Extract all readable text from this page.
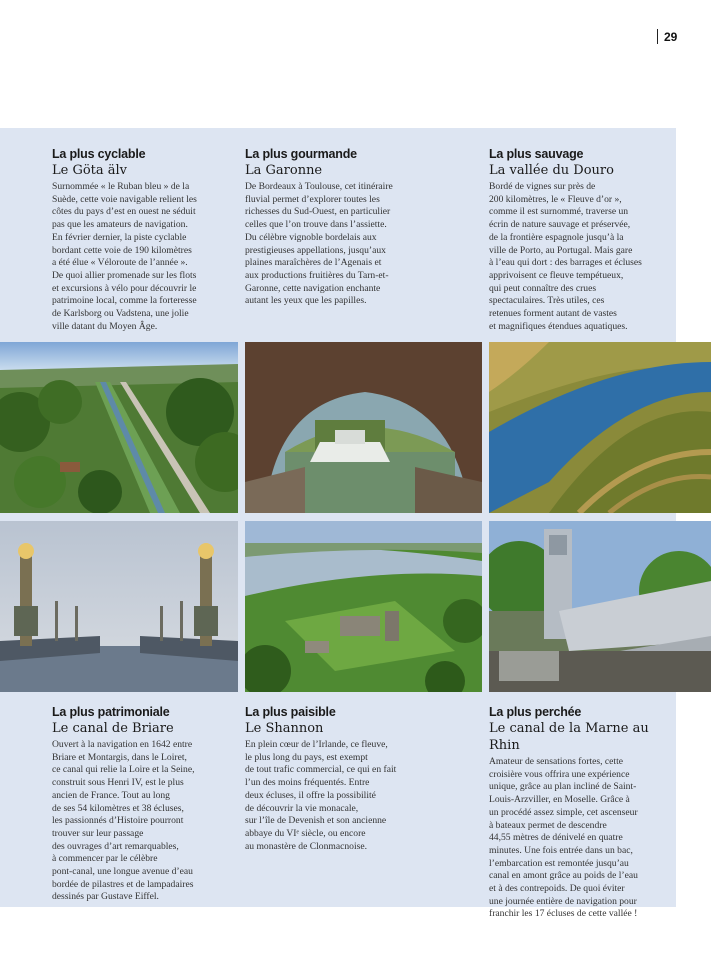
29
La plus cyclable
Le Göta älv
Surnommée « le Ruban bleu » de la
Suède, cette voie navigable relient les
côtes du pays d’est en ouest ne séduit
pas que les amateurs de navigation.
En février dernier, la piste cyclable
bordant cette voie de 190 kilomètres
a été élue « Véloroute de l’année ».
De quoi allier promenade sur les flots
et excursions à vélo pour découvrir le
patrimoine local, comme la forteresse
de Karlsborg ou Vadstena, une jolie
ville datant du Moyen Âge.
La plus gourmande
La Garonne
De Bordeaux à Toulouse, cet itinéraire
fluvial permet d’explorer toutes les
richesses du Sud-Ouest, en particulier
celles que l’on trouve dans l’assiette.
Du célèbre vignoble bordelais aux
prestigieuses appellations, jusqu’aux
plaines maraîchères de l’Agenais et
aux productions fruitières du Tarn-et-
Garonne, cette navigation enchante
autant les yeux que les papilles.
La plus sauvage
La vallée du Douro
Bordé de vignes sur près de
200 kilomètres, le « Fleuve d’or »,
comme il est surnommé, traverse un
écrin de nature sauvage et préservée,
de la frontière espagnole jusqu’à la
ville de Porto, au Portugal. Mais gare
à l’eau qui dort : des barrages et écluses
apprivoisent ce fleuve tempétueux,
qui peut connaître des crues
spectaculaires. Très utiles, ces
retenues forment autant de vastes
et magnifiques étendues aquatiques.
La plus patrimoniale
Le canal de Briare
Ouvert à la navigation en 1642 entre
Briare et Montargis, dans le Loiret,
ce canal qui relie la Loire et la Seine,
construit sous Henri IV, est le plus
ancien de France. Tout au long
de ses 54 kilomètres et 38 écluses,
les passionnés d’Histoire pourront
trouver sur leur passage
des ouvrages d’art remarquables,
à commencer par le célèbre
pont-canal, une longue avenue d’eau
bordée de pilastres et de lampadaires
dessinés par Gustave Eiffel.
La plus paisible
Le Shannon
En plein cœur de l’Irlande, ce fleuve,
le plus long du pays, est exempt
de tout trafic commercial, ce qui en fait
l’un des moins fréquentés. Entre
deux écluses, il offre la possibilité
de découvrir la vie monacale,
sur l’île de Devenish et son ancienne
abbaye du VIᵉ siècle, ou encore
au monastère de Clonmacnoise.
La plus perchée
Le canal de la Marne au Rhin
Amateur de sensations fortes, cette
croisière vous offrira une expérience
unique, grâce au plan incliné de Saint-
Louis-Arzviller, en Moselle. Grâce à
un procédé assez simple, cet ascenseur
à bateaux permet de descendre
44,55 mètres de dénivelé en quatre
minutes. Une fois entrée dans un bac,
l’embarcation est remontée jusqu’au
canal en amont grâce au poids de l’eau
et à des contrepoids. De quoi éviter
une journée entière de navigation pour
franchir les 17 écluses de cette vallée !
